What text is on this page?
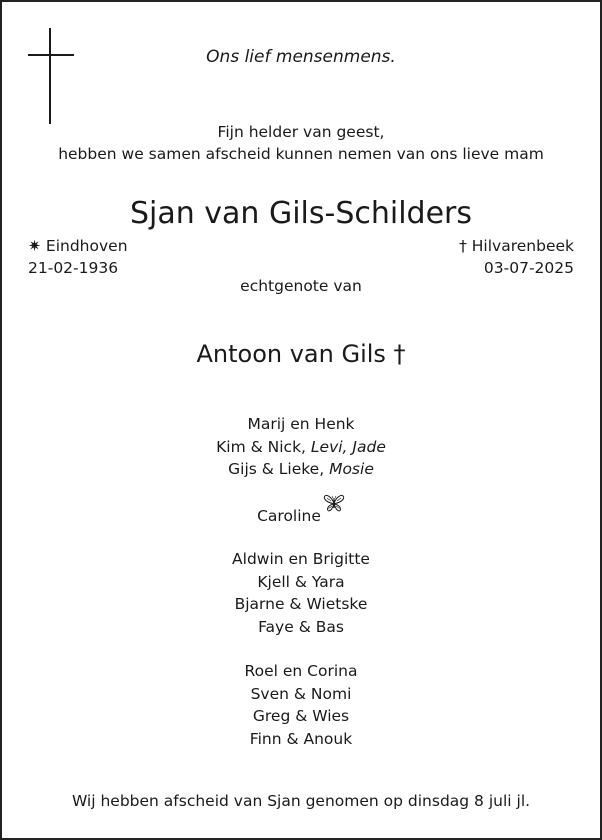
Ons lief mensenmens.
Fijn helder van geest,
hebben we samen afscheid kunnen nemen van ons lieve mam
Sjan van Gils-Schilders
✷ Eindhoven
21-02-1936
† Hilvarenbeek
03-07-2025
echtgenote van
Antoon van Gils †
Marij en Henk
Kim & Nick, Levi, Jade
Gijs & Lieke, Mosie
Caroline
Aldwin en Brigitte
Kjell & Yara
Bjarne & Wietske
Faye & Bas
Roel en Corina
Sven & Nomi
Greg & Wies
Finn & Anouk
Wij hebben afscheid van Sjan genomen op dinsdag 8 juli jl.
